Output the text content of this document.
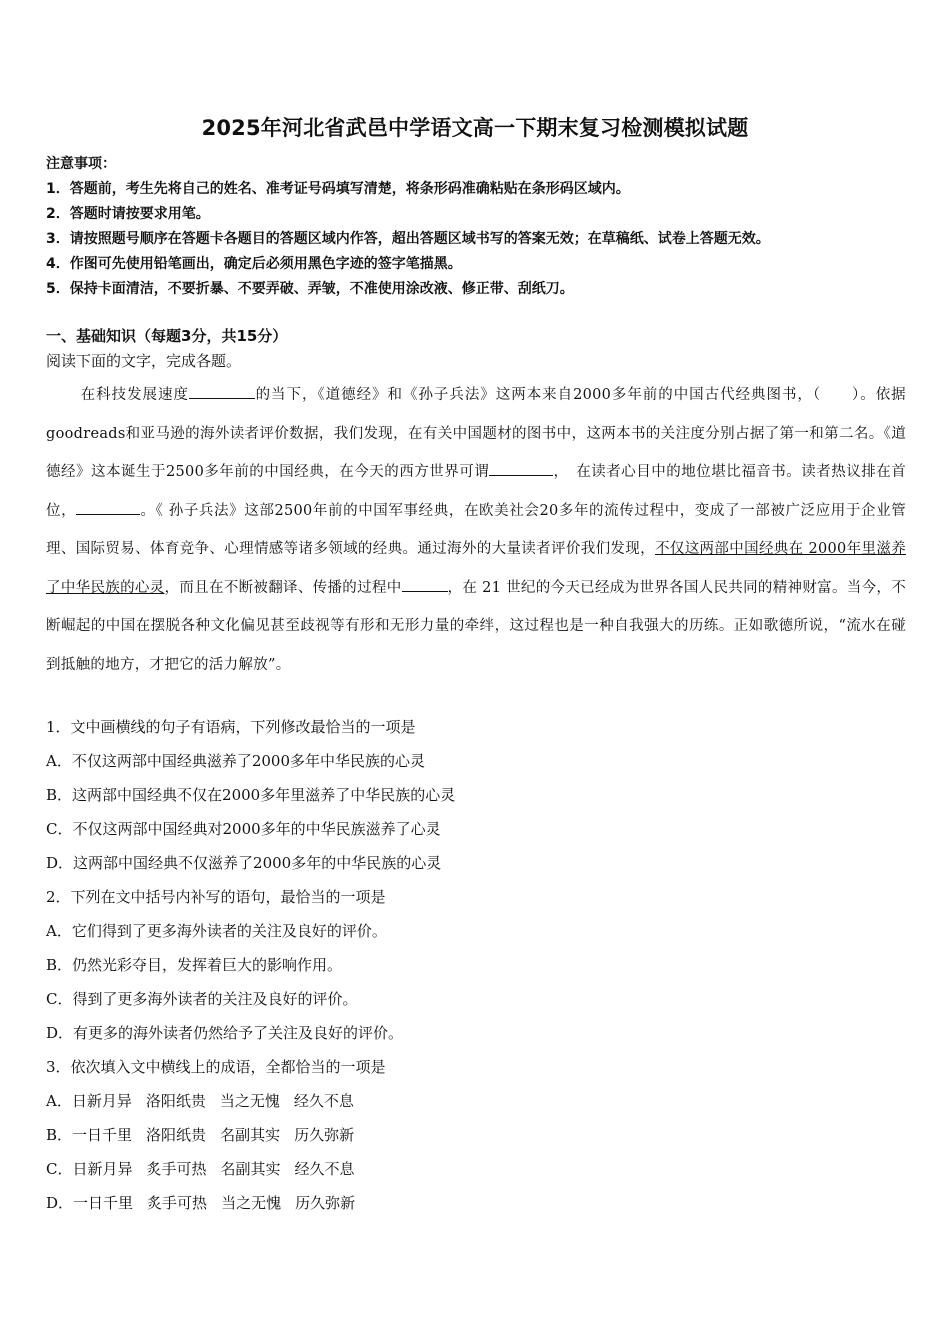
2025年河北省武邑中学语文高一下期末复习检测模拟试题
注意事项：
1．答题前，考生先将自己的姓名、准考证号码填写清楚，将条形码准确粘贴在条形码区域内。
2．答题时请按要求用笔。
3．请按照题号顺序在答题卡各题目的答题区域内作答，超出答题区域书写的答案无效；在草稿纸、试卷上答题无效。
4．作图可先使用铅笔画出，确定后必须用黑色字迹的签字笔描黑。
5．保持卡面清洁，不要折暴、不要弄破、弄皱，不准使用涂改液、修正带、刮纸刀。
一、基础知识（每题3分，共15分）
阅读下面的文字，完成各题。
在科技发展速度	的当下，《道德经》和《孙子兵法》这两本来自2000多年前的中国古代经典图书，（　　）。依据goodreads和亚马逊的海外读者评价数据，我们发现，在有关中国题材的图书中，这两本书的关注度分别占据了第一和第二名。《道德经》这本诞生于2500多年前的中国经典，在今天的西方世界可谓	，　在读者心目中的地位堪比福音书。读者热议排在首位，	。《 孙子兵法》这部2500年前的中国军事经典，在欧美社会20多年的流传过程中，变成了一部被广泛应用于企业管理、国际贸易、体育竞争、心理情感等诸多领域的经典。通过海外的大量读者评价我们发现，不仅这两部中国经典在 2000年里滋养了中华民族的心灵，而且在不断被翻译、传播的过程中	，在 21 世纪的今天已经成为世界各国人民共同的精神财富。当今，不断崛起的中国在摆脱各种文化偏见甚至歧视等有形和无形力量的牵绊，这过程也是一种自我强大的历练。正如歌德所说，“流水在碰到抵触的地方，才把它的活力解放”。
1．文中画横线的句子有语病，下列修改最恰当的一项是
A．不仅这两部中国经典滋养了2000多年中华民族的心灵
B．这两部中国经典不仅在2000多年里滋养了中华民族的心灵
C．不仅这两部中国经典对2000多年的中华民族滋养了心灵
D．这两部中国经典不仅滋养了2000多年的中华民族的心灵
2．下列在文中括号内补写的语句，最恰当的一项是
A．它们得到了更多海外读者的关注及良好的评价。
B．仍然光彩夺目，发挥着巨大的影响作用。
C．得到了更多海外读者的关注及良好的评价。
D．有更多的海外读者仍然给予了关注及良好的评价。
3．依次填入文中横线上的成语，全都恰当的一项是
A．日新月异 洛阳纸贵 当之无愧 经久不息
B．一日千里 洛阳纸贵 名副其实 历久弥新
C．日新月异 炙手可热 名副其实 经久不息
D．一日千里 炙手可热 当之无愧 历久弥新
